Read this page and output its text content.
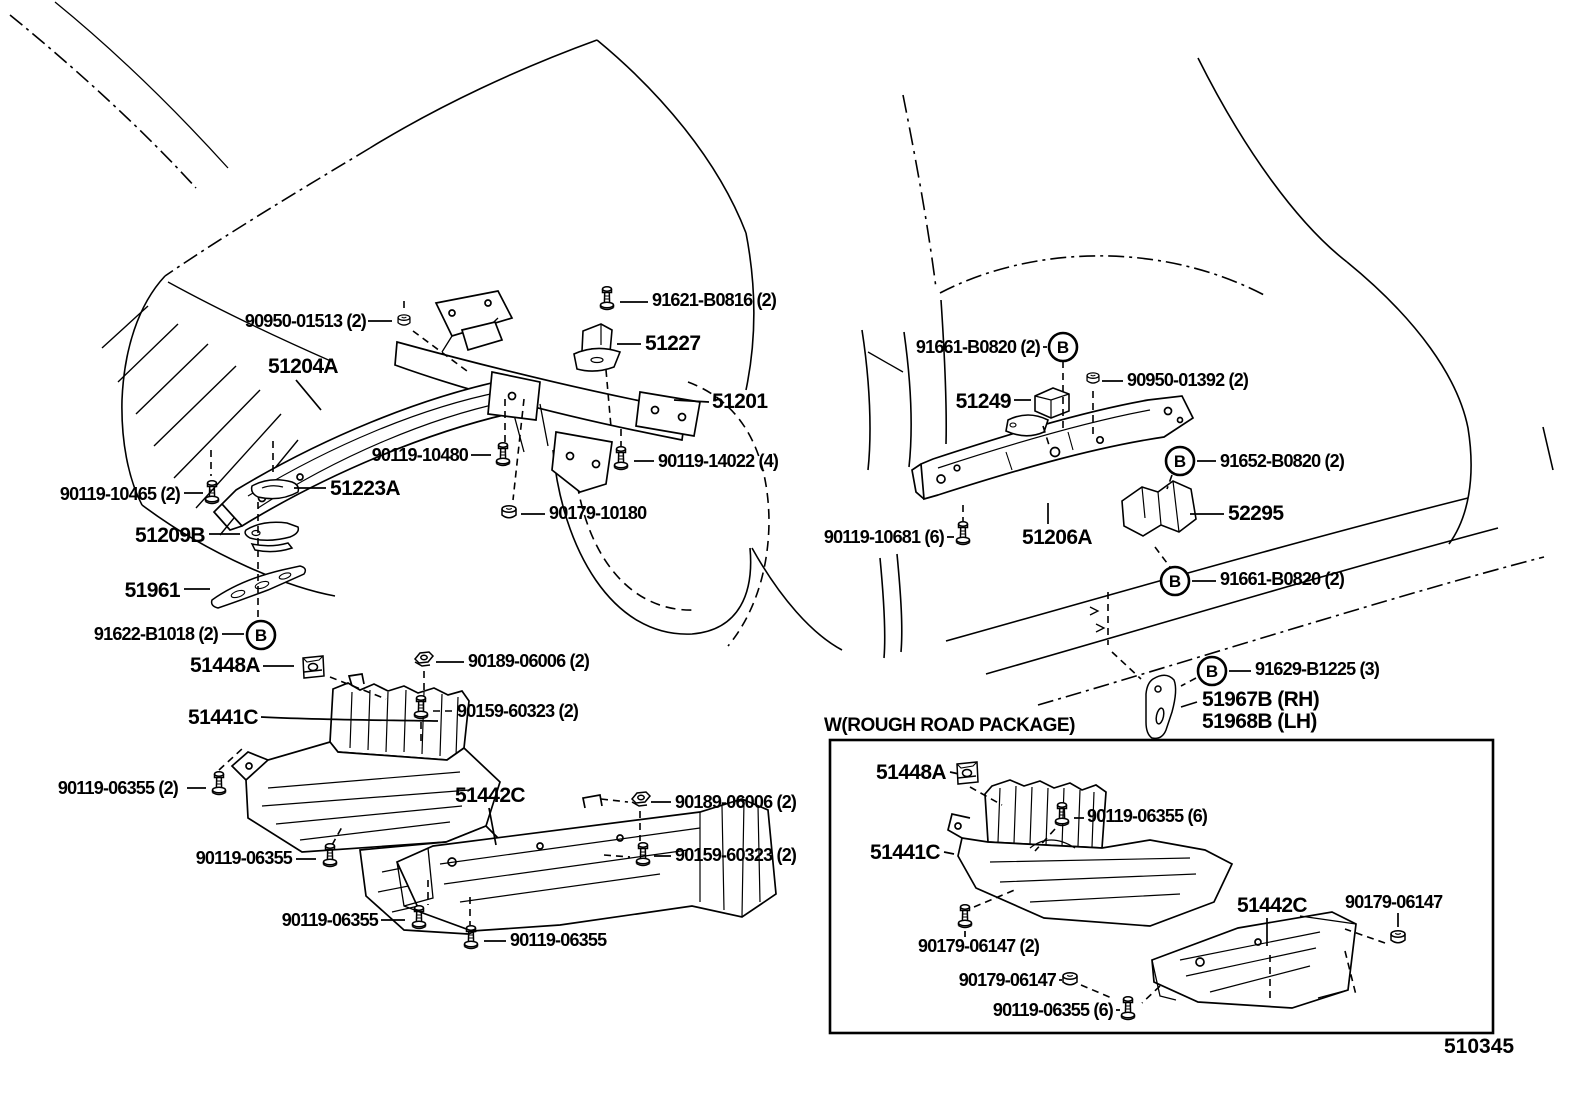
B
B
B
B
B
90950-01513 (2)
51204A
91621-B0816 (2)
51227
51201
90119-10480	90119-14022 (4)
51223A
90119-10465 (2)
90179-10180
51209B
51961
91622-B1018 (2)
51448A	90189-06006 (2)
51441C	90159-60323 (2)
90119-06355 (2)	51442C	90189-06006 (2)
90119-06355	90159-60323 (2)
90119-06355
90119-06355
91661-B0820 (2)
90950-01392 (2)
51249
91652-B0820 (2)
52295
51206A
90119-10681 (6)
91661-B0820 (2)
91629-B1225 (3)
51967B (RH)
51968B (LH)
W(ROUGH ROAD PACKAGE)
51448A
90119-06355 (6)
51441C
51442C 90179-06147
90179-06147 (2)
90179-06147
90119-06355 (6)
510345
